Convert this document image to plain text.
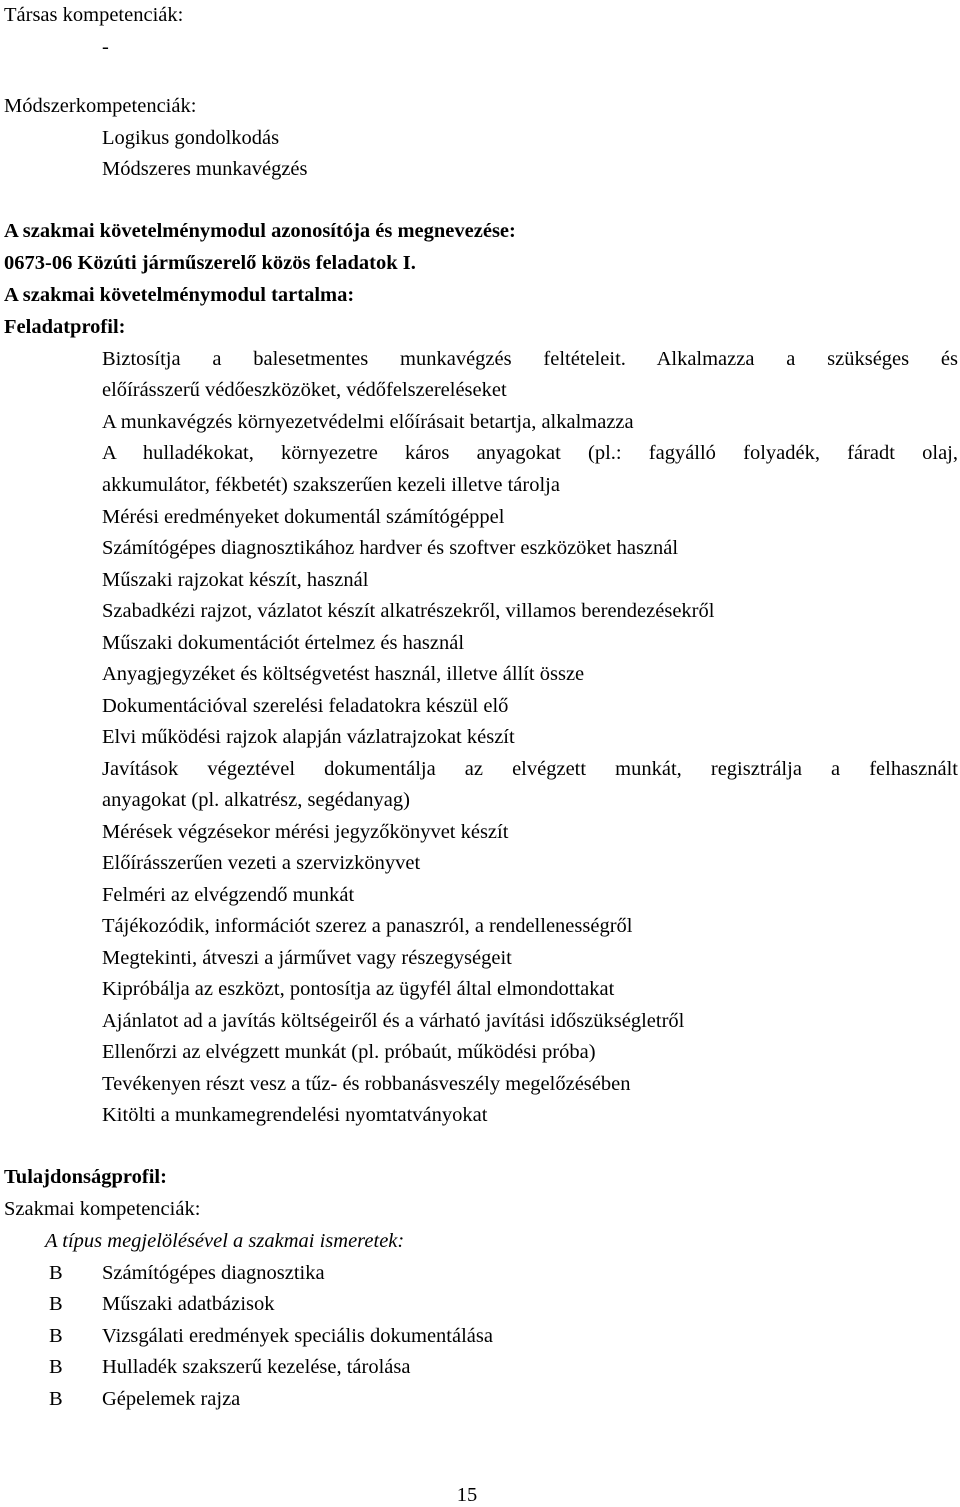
Társas kompetenciák:
-
Módszerkompetenciák:
Logikus gondolkodás
Módszeres munkavégzés
A szakmai követelménymodul azonosítója és megnevezése:
0673-06 Közúti járműszerelő közös feladatok I.
A szakmai követelménymodul tartalma:
Feladatprofil:
Biztosítja a balesetmentes munkavégzés feltételeit. Alkalmazza a szükséges és
előírásszerű védőeszközöket, védőfelszereléseket
A munkavégzés környezetvédelmi előírásait betartja, alkalmazza
A hulladékokat, környezetre káros anyagokat (pl.: fagyálló folyadék, fáradt olaj,
akkumulátor, fékbetét) szakszerűen kezeli illetve tárolja
Mérési eredményeket dokumentál számítógéppel
Számítógépes diagnosztikához hardver és szoftver eszközöket használ
Műszaki rajzokat készít, használ
Szabadkézi rajzot, vázlatot készít alkatrészekről, villamos berendezésekről
Műszaki dokumentációt értelmez és használ
Anyagjegyzéket és költségvetést használ, illetve állít össze
Dokumentációval szerelési feladatokra készül elő
Elvi működési rajzok alapján vázlatrajzokat készít
Javítások végeztével dokumentálja az elvégzett munkát, regisztrálja a felhasznált
anyagokat (pl. alkatrész, segédanyag)
Mérések végzésekor mérési jegyzőkönyvet készít
Előírásszerűen vezeti a szervizkönyvet
Felméri az elvégzendő munkát
Tájékozódik, információt szerez a panaszról, a rendellenességről
Megtekinti, átveszi a járművet vagy részegységeit
Kipróbálja az eszközt, pontosítja az ügyfél által elmondottakat
Ajánlatot ad a javítás költségeiről és a várható javítási időszükségletről
Ellenőrzi az elvégzett munkát (pl. próbaút, működési próba)
Tevékenyen részt vesz a tűz- és robbanásveszély megelőzésében
Kitölti a munkamegrendelési nyomtatványokat
Tulajdonságprofil:
Szakmai kompetenciák:
A típus megjelölésével a szakmai ismeretek:
B Számítógépes diagnosztika
B Műszaki adatbázisok
B Vizsgálati eredmények speciális dokumentálása
B Hulladék szakszerű kezelése, tárolása
B Gépelemek rajza
15
